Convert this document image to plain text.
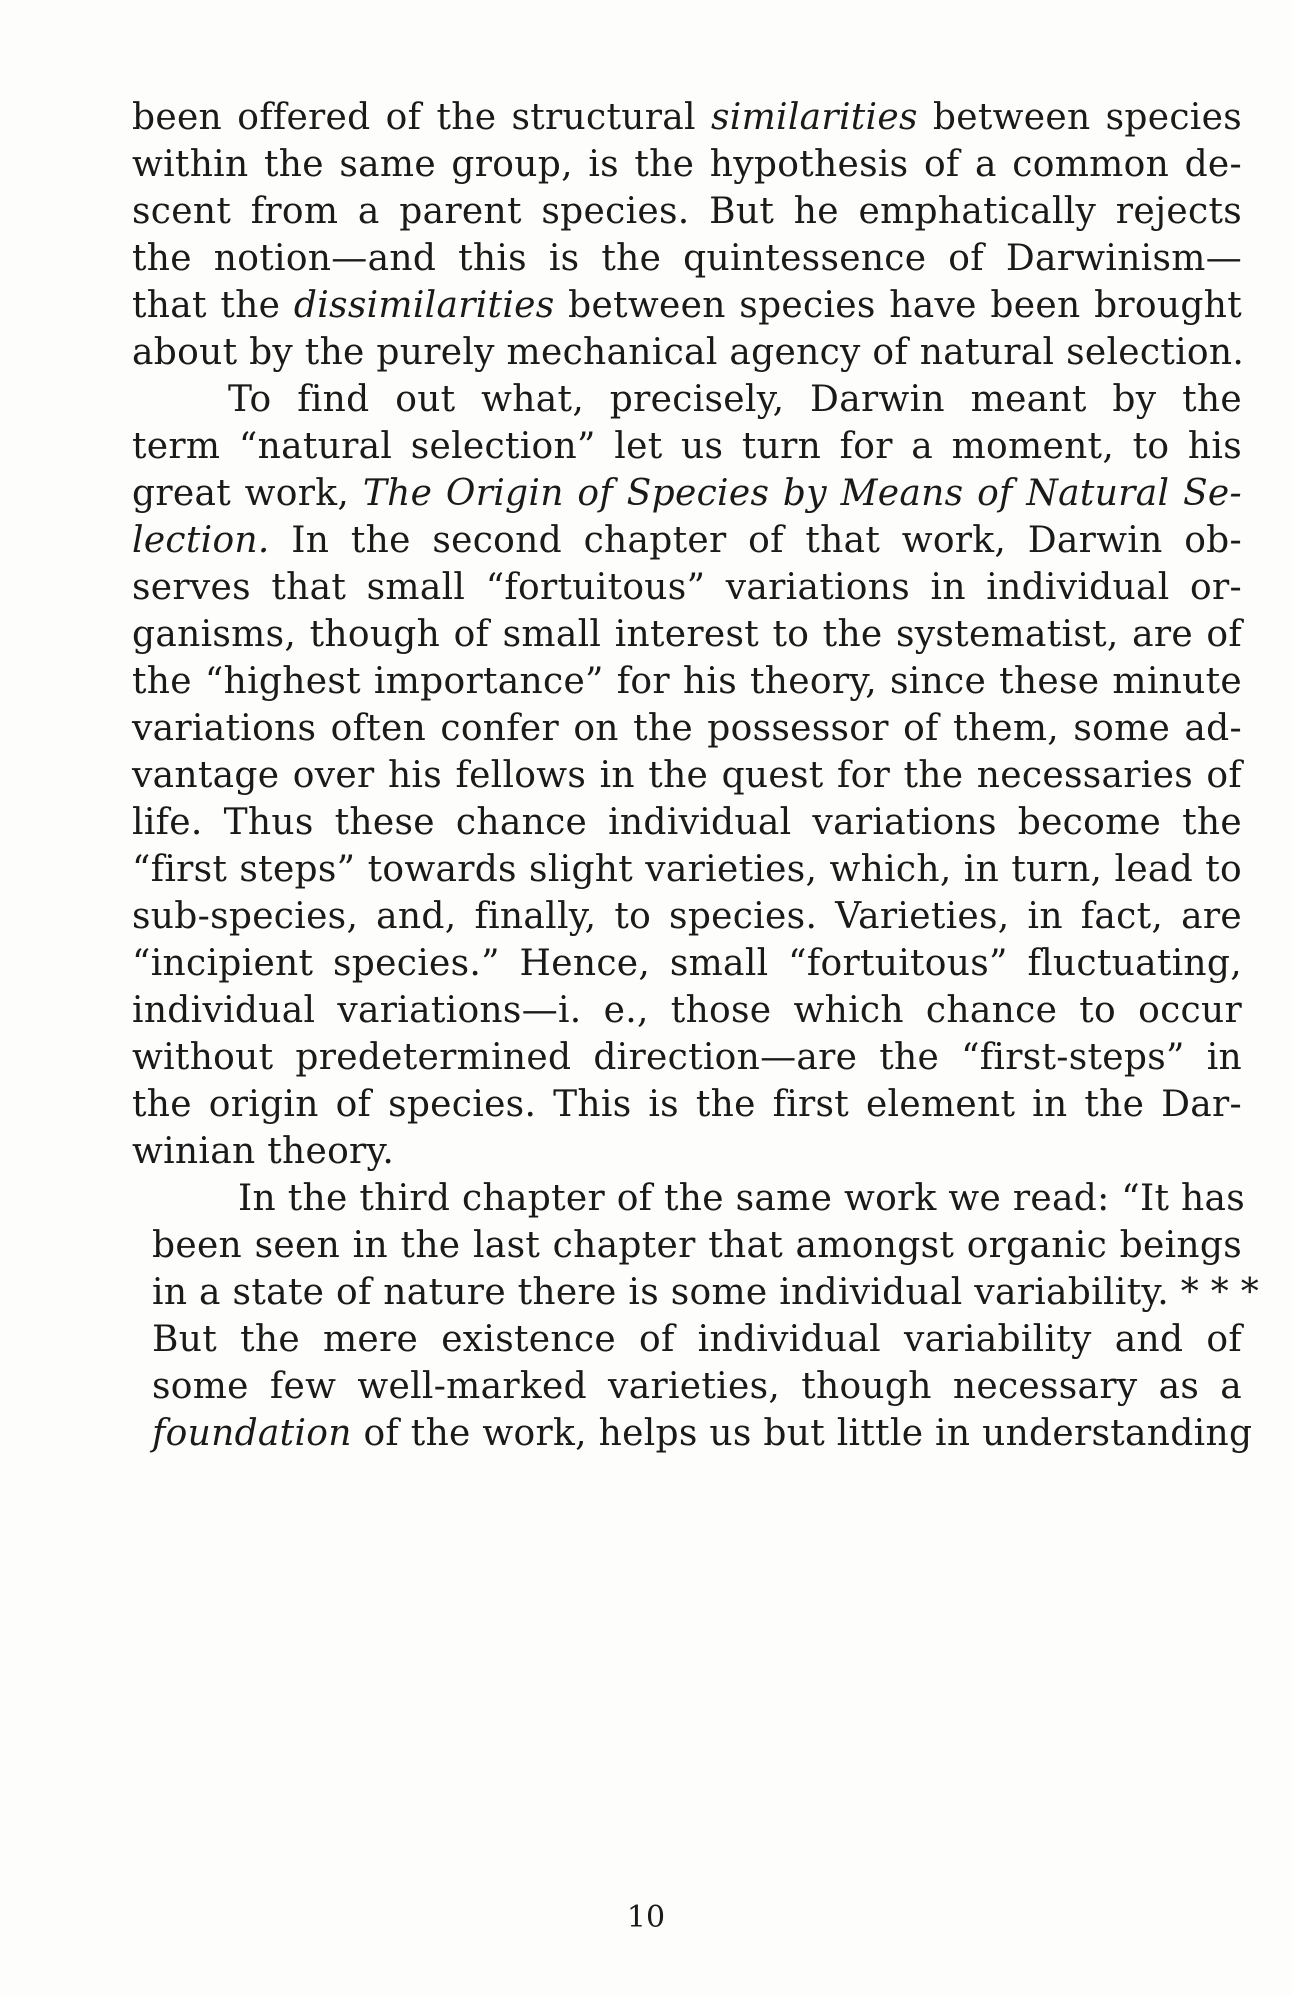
been offered of the structural similarities between species
within the same group, is the hypothesis of a common de-
scent from a parent species. But he emphatically rejects
the notion—and this is the quintessence of Darwinism—
that the dissimilarities between species have been brought
about by the purely mechanical agency of natural selection.
To find out what, precisely, Darwin meant by the
term “natural selection” let us turn for a moment, to his
great work, The Origin of Species by Means of Natural Se-
lection. In the second chapter of that work, Darwin ob-
serves that small “fortuitous” variations in individual or-
ganisms, though of small interest to the systematist, are of
the “highest importance” for his theory, since these minute
variations often confer on the possessor of them, some ad-
vantage over his fellows in the quest for the necessaries of
life. Thus these chance individual variations become the
“first steps” towards slight varieties, which, in turn, lead to
sub-species, and, finally, to species. Varieties, in fact, are
“incipient species.” Hence, small “fortuitous” fluctuating,
individual variations—i. e., those which chance to occur
without predetermined direction—are the “first-steps” in
the origin of species. This is the first element in the Dar-
winian theory.
In the third chapter of the same work we read: “It has
been seen in the last chapter that amongst organic beings
in a state of nature there is some individual variability. * * *
But the mere existence of individual variability and of
some few well-marked varieties, though necessary as a
foundation of the work, helps us but little in understanding
10
